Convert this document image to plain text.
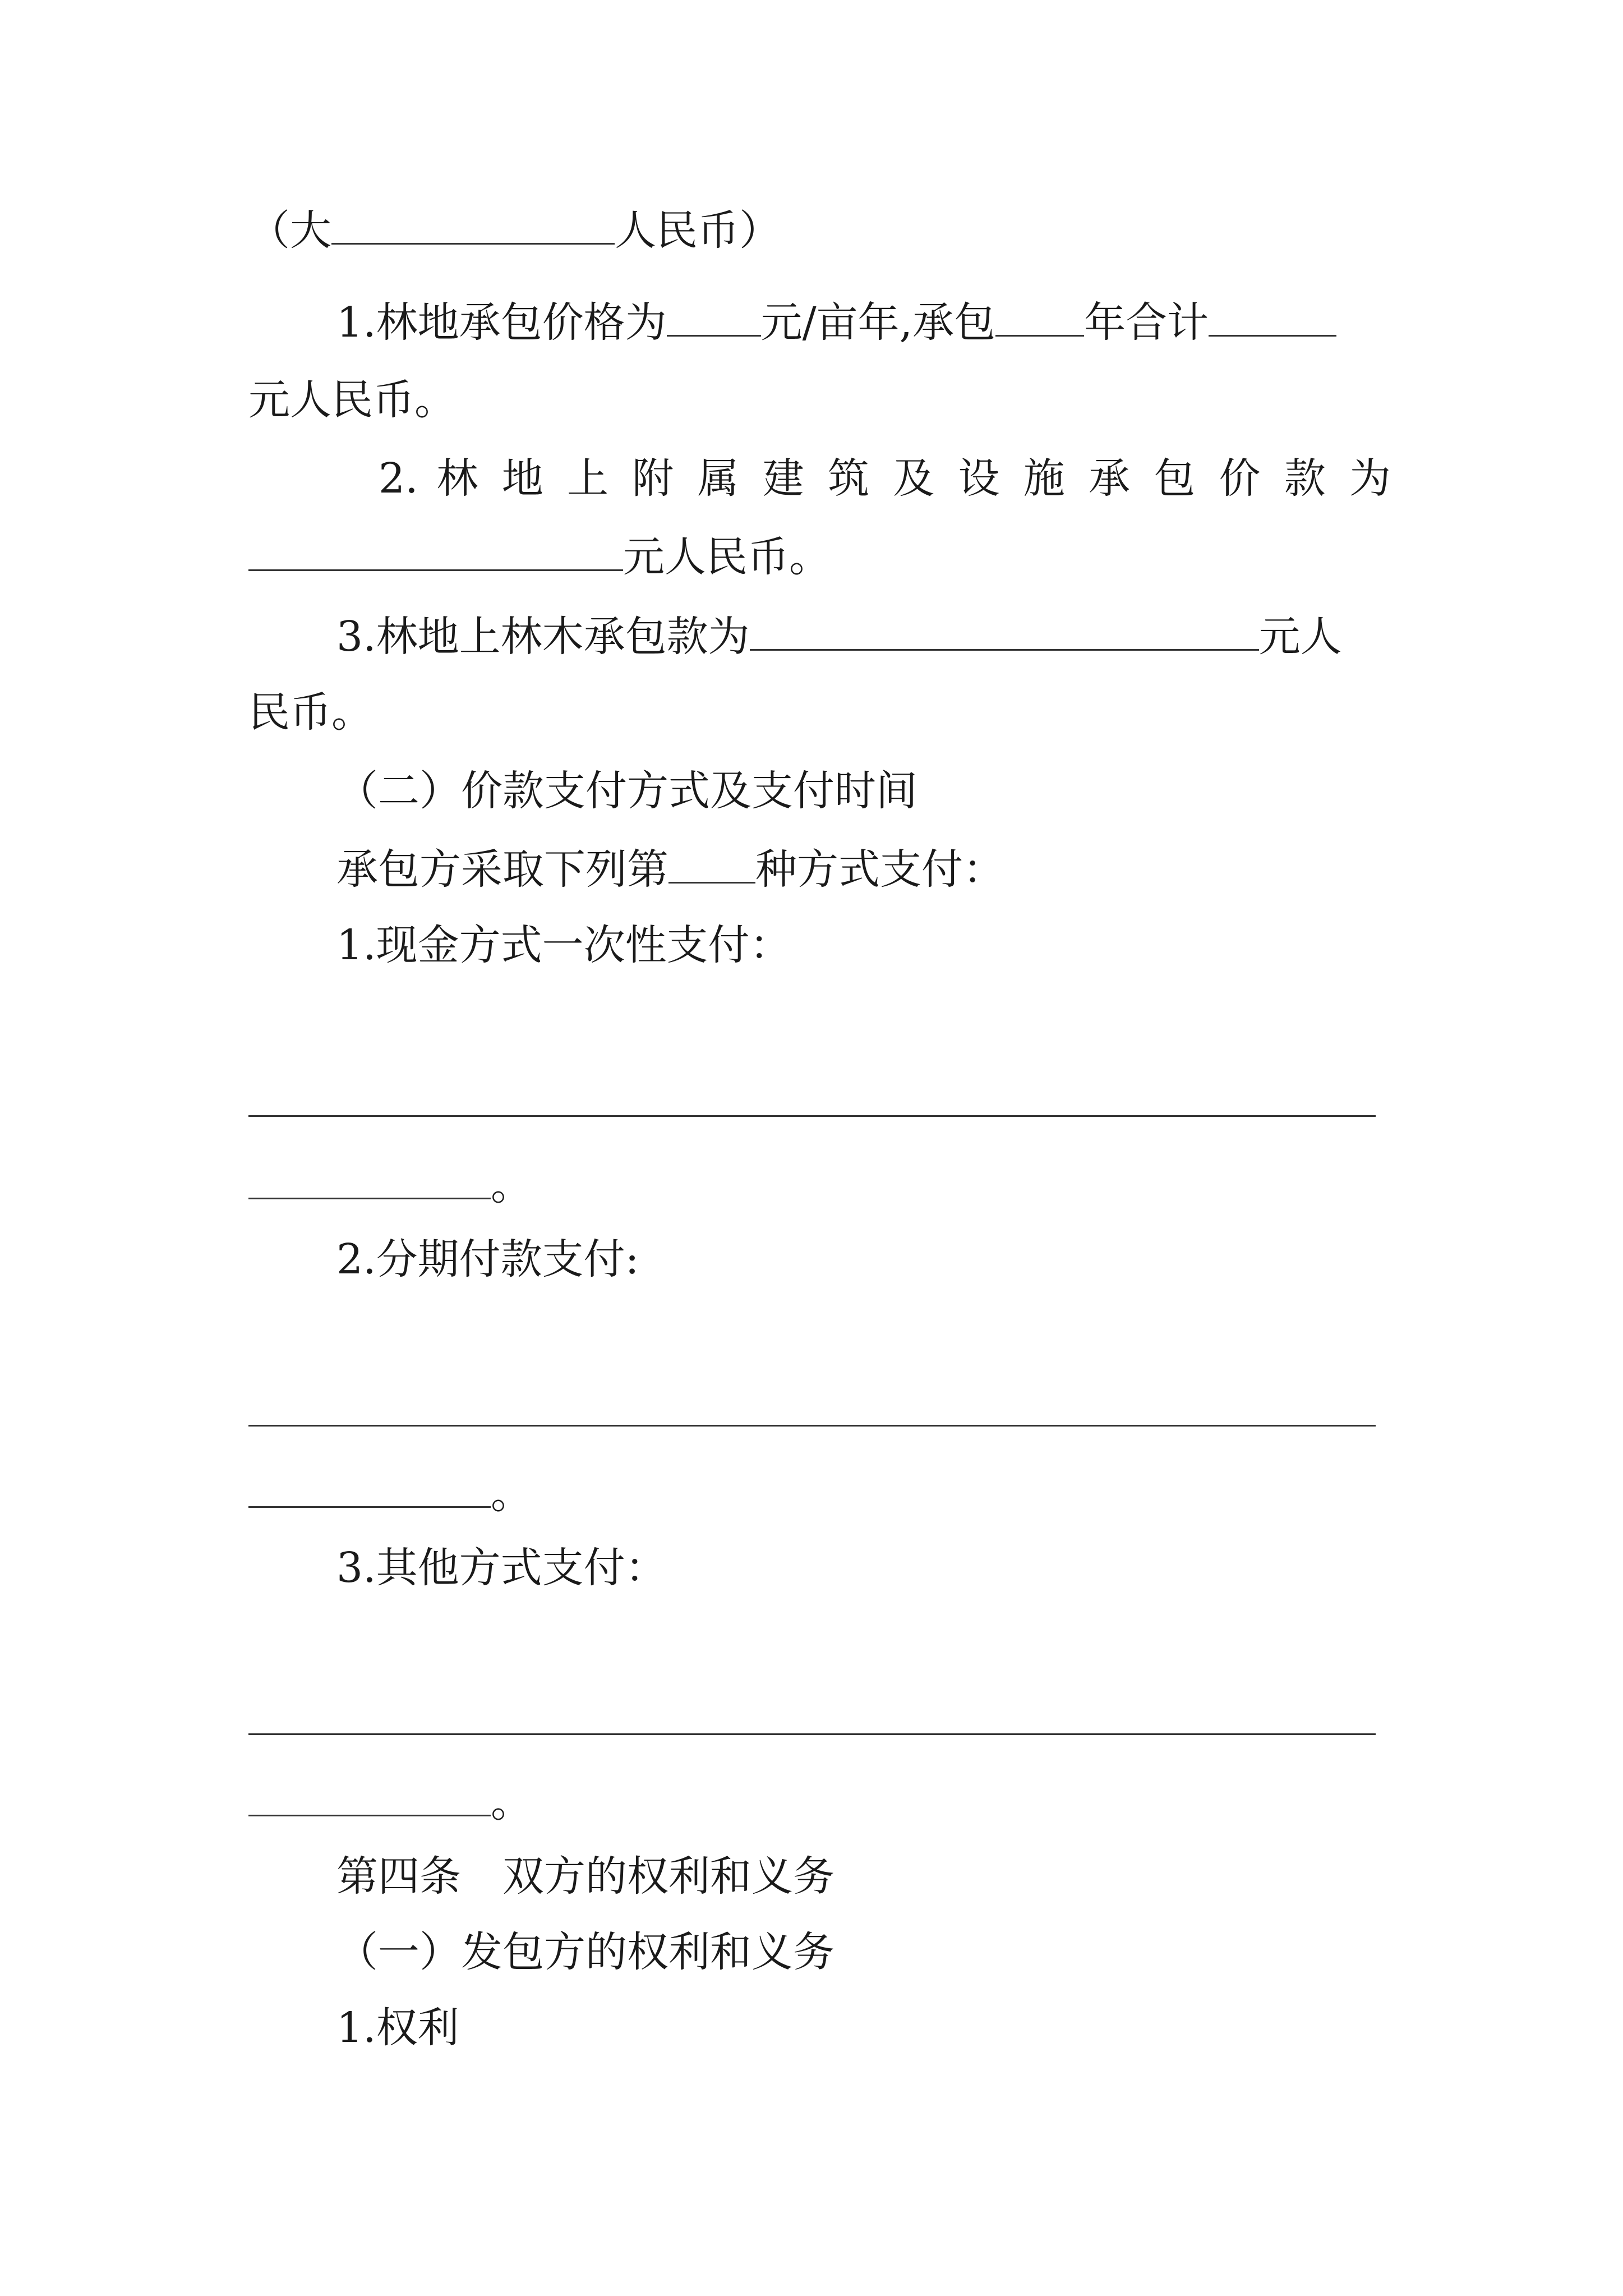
（大	人民币）
1.林地承包价格为 元/亩年,承包 年合计
元人民币。
2. 林 地 上 附 属 建 筑 及 设 施 承 包 价 款 为
元人民币。
3.林地上林木承包款为	元人
民币。
（二）价款支付方式及支付时间
承包方采取下列第 种方式支付：
1.现金方式一次性支付：
。
2.分期付款支付:
。
3.其他方式支付：
。
第四条　双方的权利和义务
（一）发包方的权利和义务
1.权利
